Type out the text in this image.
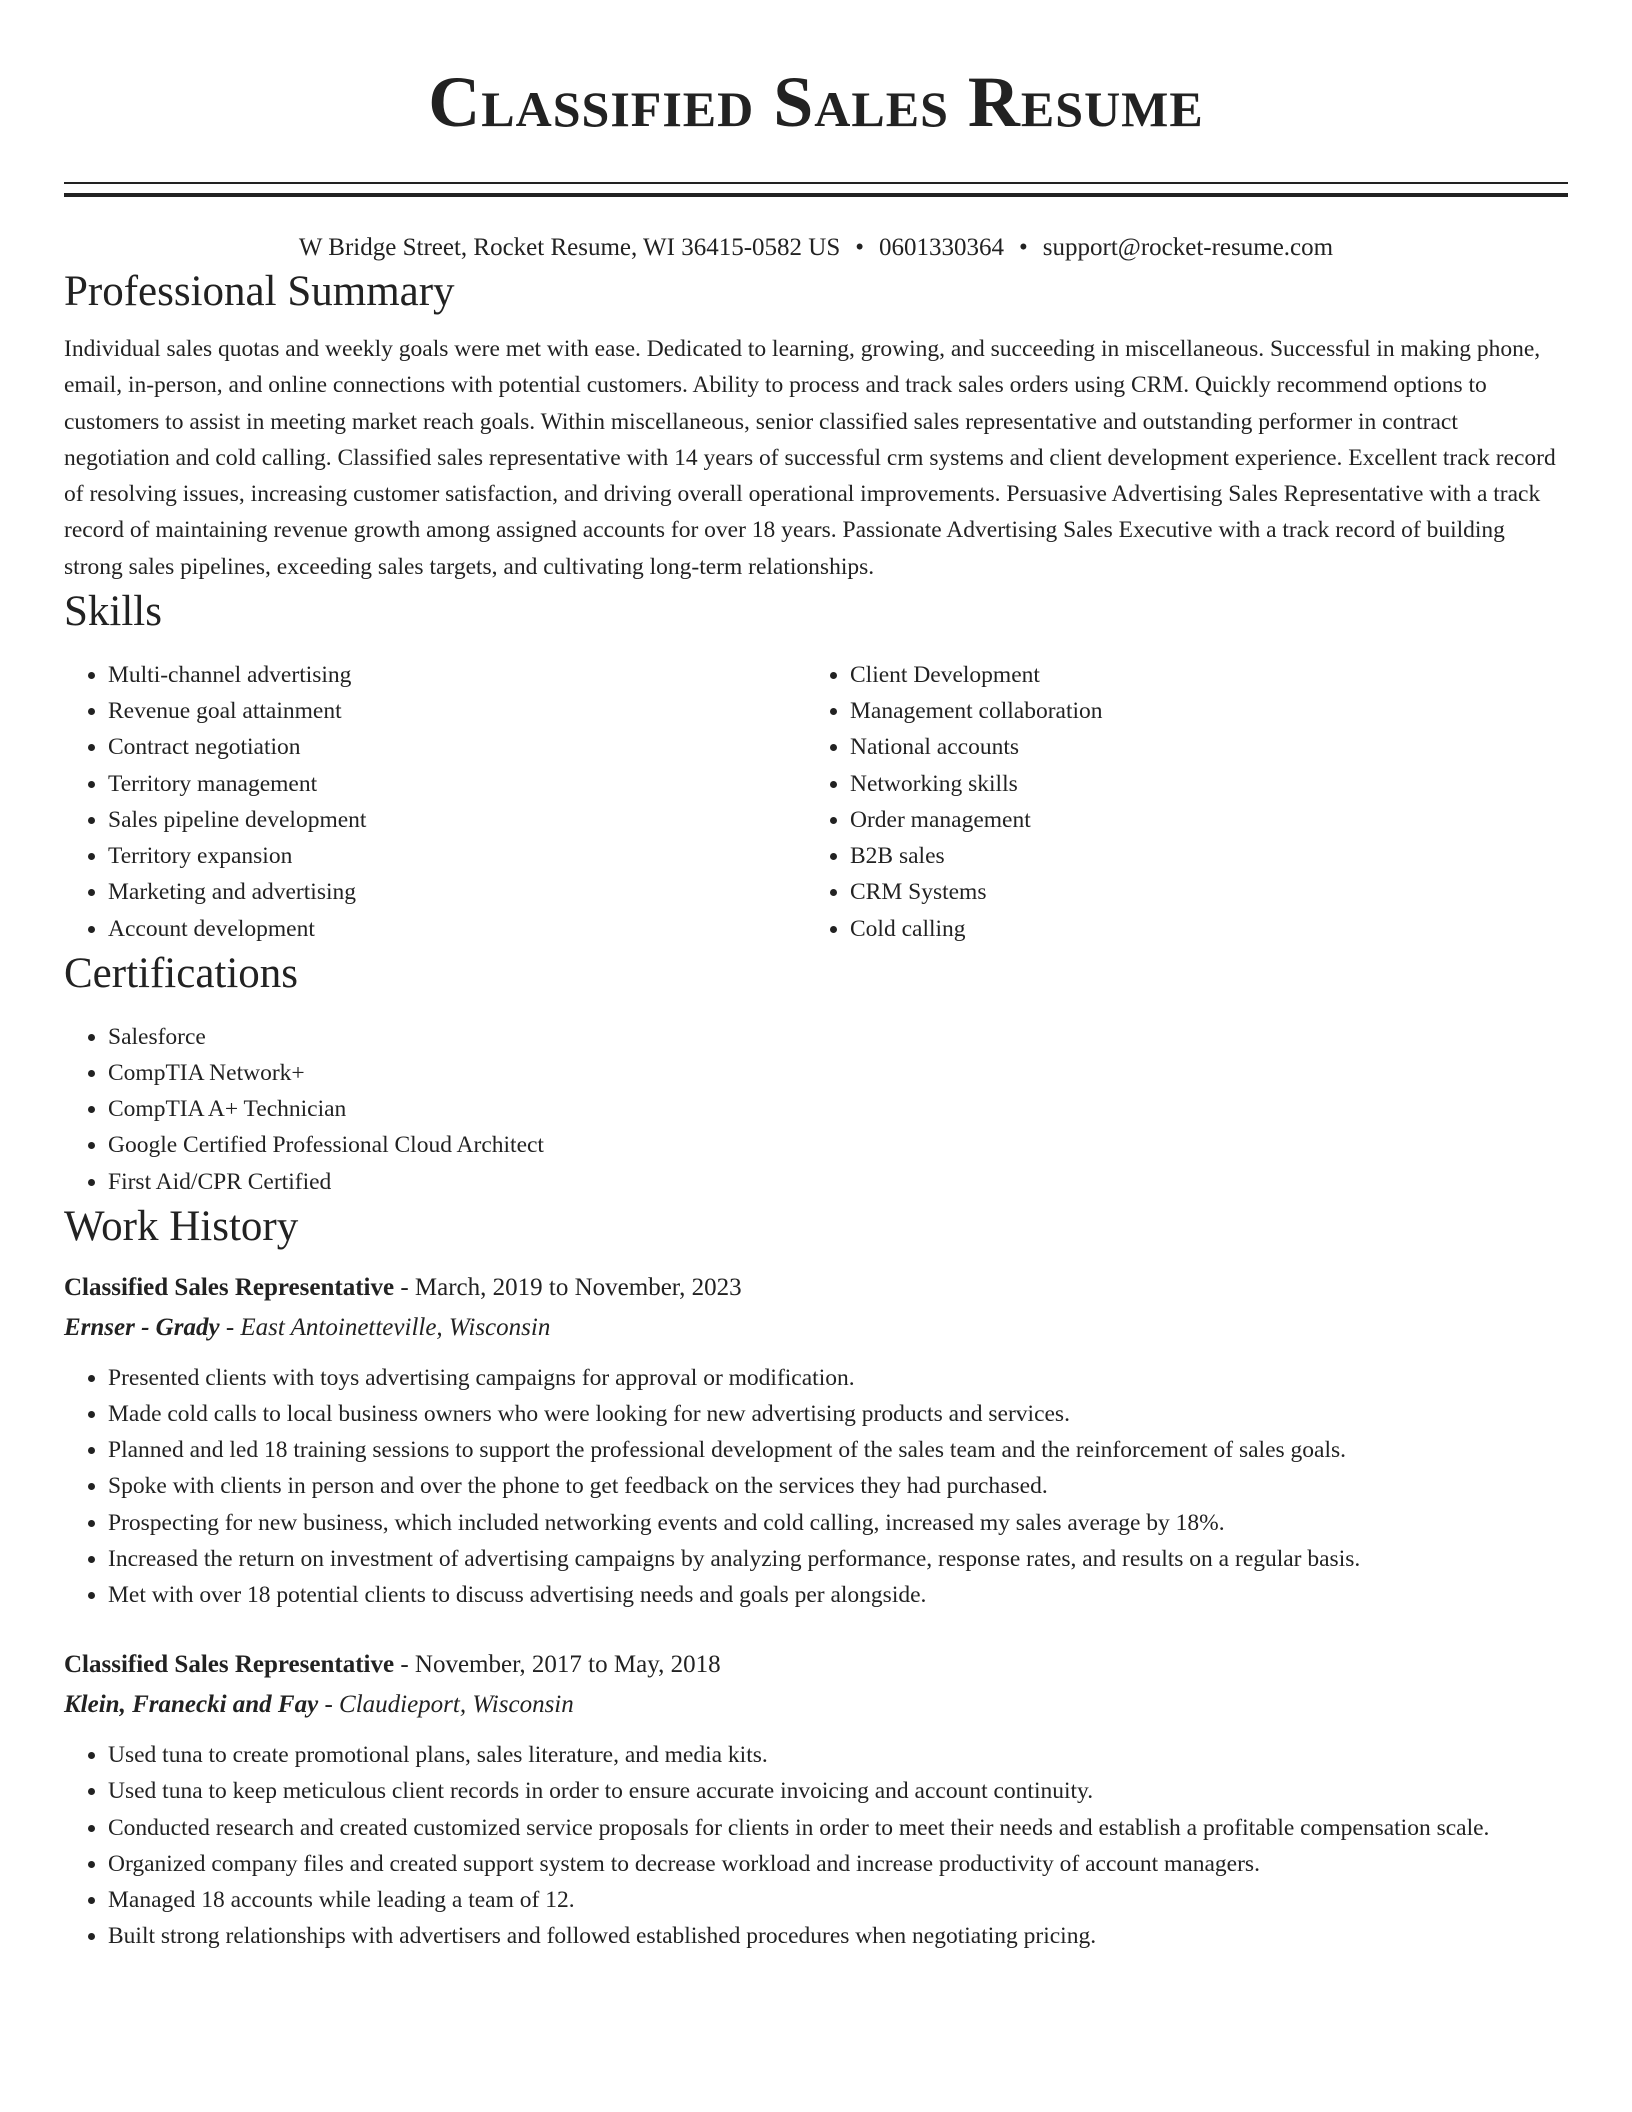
Classified Sales Resume
W Bridge Street, Rocket Resume, WI 36415-0582 US • 0601330364 • support@rocket-resume.com
Professional Summary

Individual sales quotas and weekly goals were met with ease. Dedicated to learning, growing, and succeeding in miscellaneous. Successful in making phone, email, in-person, and online connections with potential customers. Ability to process and track sales orders using CRM. Quickly recommend options to customers to assist in meeting market reach goals. Within miscellaneous, senior classified sales representative and outstanding performer in contract negotiation and cold calling. Classified sales representative with 14 years of successful crm systems and client development experience. Excellent track record of resolving issues, increasing customer satisfaction, and driving overall operational improvements. Persuasive Advertising Sales Representative with a track record of maintaining revenue growth among assigned accounts for over 18 years. Passionate Advertising Sales Executive with a track record of building strong sales pipelines, exceeding sales targets, and cultivating long-term relationships.

Skills
• Multi-channel advertising
• Revenue goal attainment
• Contract negotiation
• Territory management
• Sales pipeline development
• Territory expansion
• Marketing and advertising
• Account development
• Client Development
• Management collaboration
• National accounts
• Networking skills
• Order management
• B2B sales
• CRM Systems
• Cold calling
Certifications
• Salesforce
• CompTIA Network+
• CompTIA A+ Technician
• Google Certified Professional Cloud Architect
• First Aid/CPR Certified
Work History
Classified Sales Representative - March, 2019 to November, 2023
Ernser - Grady - East Antoinetteville, Wisconsin
• Presented clients with toys advertising campaigns for approval or modification.
• Made cold calls to local business owners who were looking for new advertising products and services.
• Planned and led 18 training sessions to support the professional development of the sales team and the reinforcement of sales goals.
• Spoke with clients in person and over the phone to get feedback on the services they had purchased.
• Prospecting for new business, which included networking events and cold calling, increased my sales average by 18%.
• Increased the return on investment of advertising campaigns by analyzing performance, response rates, and results on a regular basis.
• Met with over 18 potential clients to discuss advertising needs and goals per alongside.
Classified Sales Representative - November, 2017 to May, 2018
Klein, Franecki and Fay - Claudieport, Wisconsin
• Used tuna to create promotional plans, sales literature, and media kits.
• Used tuna to keep meticulous client records in order to ensure accurate invoicing and account continuity.
• Conducted research and created customized service proposals for clients in order to meet their needs and establish a profitable compensation scale.
• Organized company files and created support system to decrease workload and increase productivity of account managers.
• Managed 18 accounts while leading a team of 12.
• Built strong relationships with advertisers and followed established procedures when negotiating pricing.
